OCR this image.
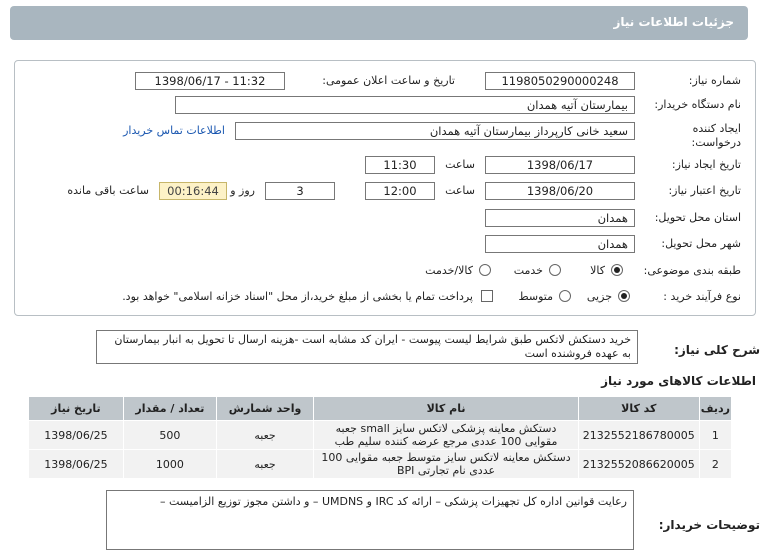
جزئیات اطلاعات نیاز
شماره نیاز:
1198050290000248
تاریخ و ساعت اعلان عمومی:
1398/06/17 - 11:32
نام دستگاه خریدار:
بیمارستان آتیه همدان
ایجاد کننده درخواست:
سعید خانی کارپرداز بیمارستان آتیه همدان
اطلاعات تماس خریدار
تاریخ ایجاد نیاز:
1398/06/17
ساعت
11:30
تاریخ اعتبار نیاز:
1398/06/20
ساعت
12:00
3
روز و
00:16:44
ساعت باقی مانده
استان محل تحویل:
همدان
شهر محل تحویل:
همدان
طبقه بندی موضوعی:
کالا
خدمت
کالا/خدمت
نوع فرآیند خرید :
جزیی
متوسط
پرداخت تمام یا بخشی از مبلغ خرید،از محل "اسناد خزانه اسلامی" خواهد بود.
شرح کلی نیاز:
خرید دستکش لاتکس طبق شرایط لیست پیوست - ایران کد مشابه است -هزینه ارسال تا تحویل به انبار بیمارستان به عهده فروشنده است
اطلاعات کالاهای مورد نیاز
ردیف	کد کالا	نام کالا	واحد شمارش	تعداد / مقدار	تاریخ نیاز
1	2132552186780005	دستکش معاینه پزشکی لاتکس سایز small جعبه مقوایی 100 عددی مرجع عرضه کننده سلیم طب	جعبه	500	1398/06/25
2	2132552086620005	دستکش معاینه لاتکس سایز متوسط جعبه مقوایی 100 عددی نام تجارتی BPI	جعبه	1000	1398/06/25
توضیحات خریدار:
رعایت قوانین اداره کل تجهیزات پزشکی – ارائه کد IRC و UMDNS – و داشتن مجوز توزیع الزامیست –
